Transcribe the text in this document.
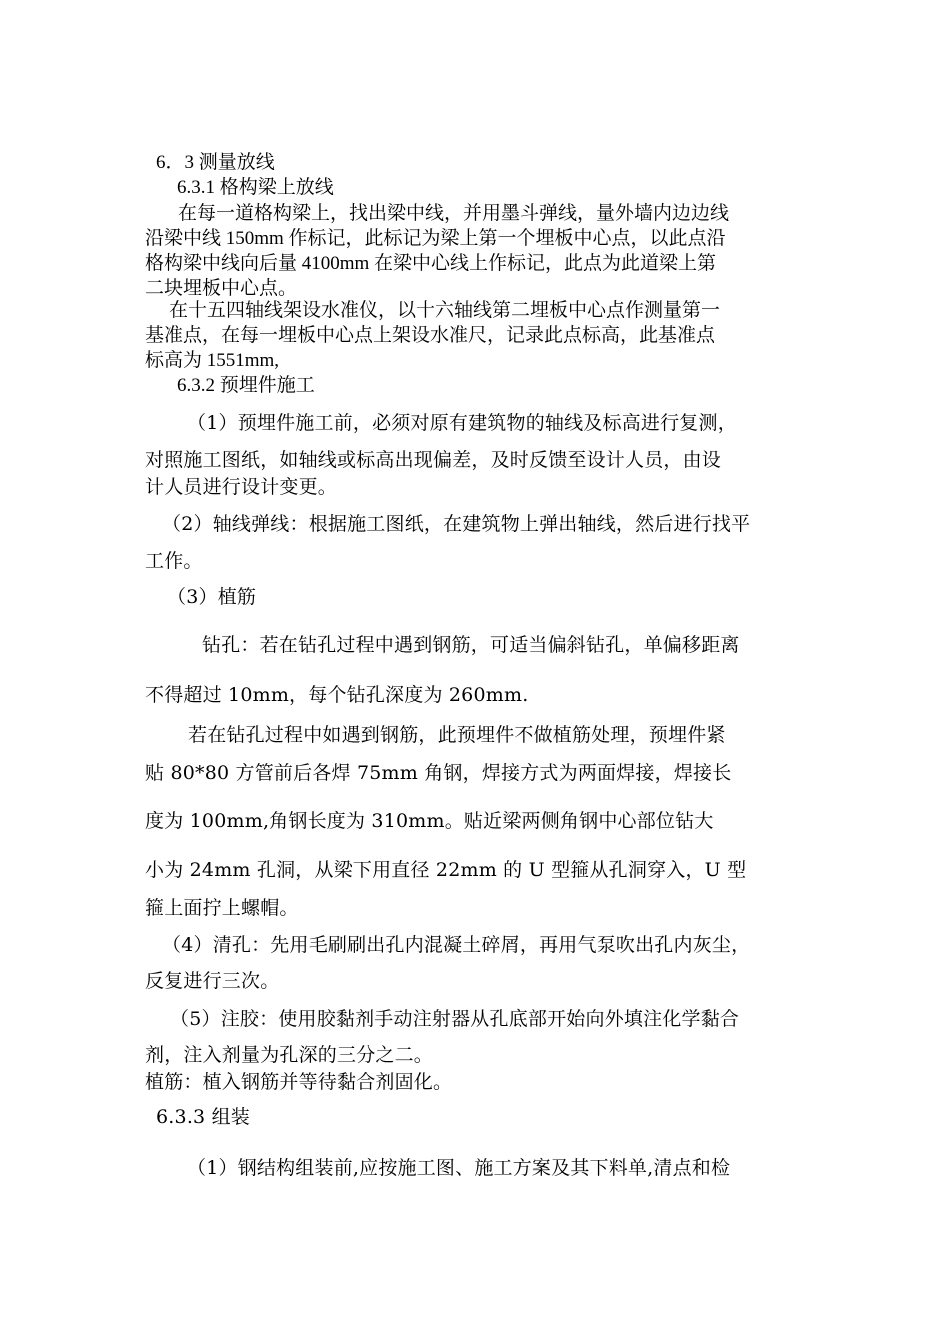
6．3 测量放线
6.3.1 格构梁上放线
在每一道格构梁上，找出梁中线，并用墨斗弹线，量外墙内边边线
沿梁中线 150mm 作标记，此标记为梁上第一个埋板中心点，以此点沿
格构梁中线向后量 4100mm 在梁中心线上作标记，此点为此道梁上第
二块埋板中心点。
在十五四轴线架设水准仪，以十六轴线第二埋板中心点作测量第一
基准点，在每一埋板中心点上架设水准尺，记录此点标高，此基准点
标高为 1551mm,
6.3.2 预埋件施工
（1）预埋件施工前，必须对原有建筑物的轴线及标高进行复测，
对照施工图纸，如轴线或标高出现偏差，及时反馈至设计人员，由设
计人员进行设计变更。
（2）轴线弹线：根据施工图纸，在建筑物上弹出轴线，然后进行找平
工作。
（3）植筋
钻孔：若在钻孔过程中遇到钢筋，可适当偏斜钻孔，单偏移距离
不得超过 10mm，每个钻孔深度为 260mm.
若在钻孔过程中如遇到钢筋，此预埋件不做植筋处理，预埋件紧
贴 80*80 方管前后各焊 75mm 角钢，焊接方式为两面焊接，焊接长
度为 100mm,角钢长度为 310mm。贴近梁两侧角钢中心部位钻大
小为 24mm 孔洞，从梁下用直径 22mm 的 U 型箍从孔洞穿入，U 型
箍上面拧上螺帽。
（4）清孔：先用毛刷刷出孔内混凝土碎屑，再用气泵吹出孔内灰尘，
反复进行三次。
（5）注胶：使用胶黏剂手动注射器从孔底部开始向外填注化学黏合
剂，注入剂量为孔深的三分之二。
植筋：植入钢筋并等待黏合剂固化。
6.3.3 组装
（1）钢结构组装前,应按施工图、施工方案及其下料单,清点和检
